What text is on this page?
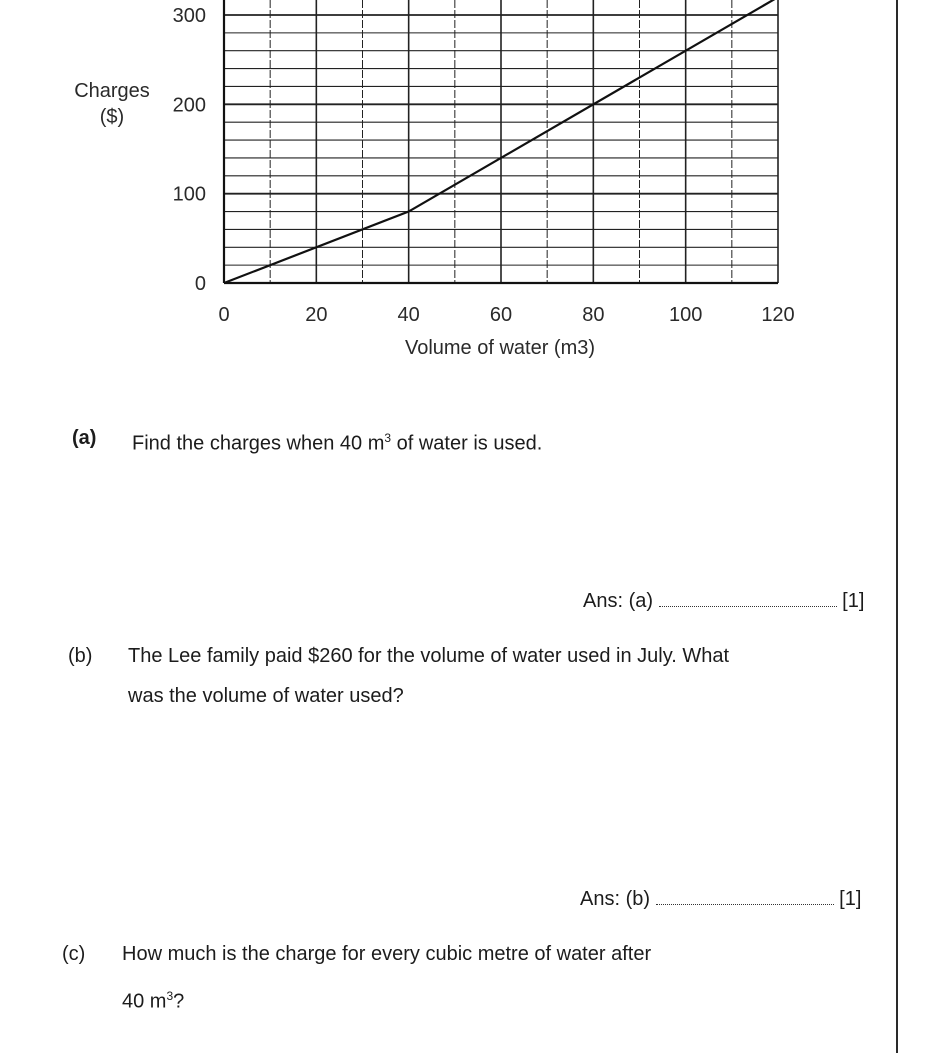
0	20	40	60	80	100	120
0
100
200
300
Charges
($)
Volume of water (m3)
(a) Find the charges when 40 $m^3$ of water is used.
Ans: (a)	[1]
(b) The Lee family paid $260 for the volume of water used in July. What
was the volume of water used?
Ans: (b)	[1]
(c) How much is the charge for every cubic metre of water after
40 $m^3$?
